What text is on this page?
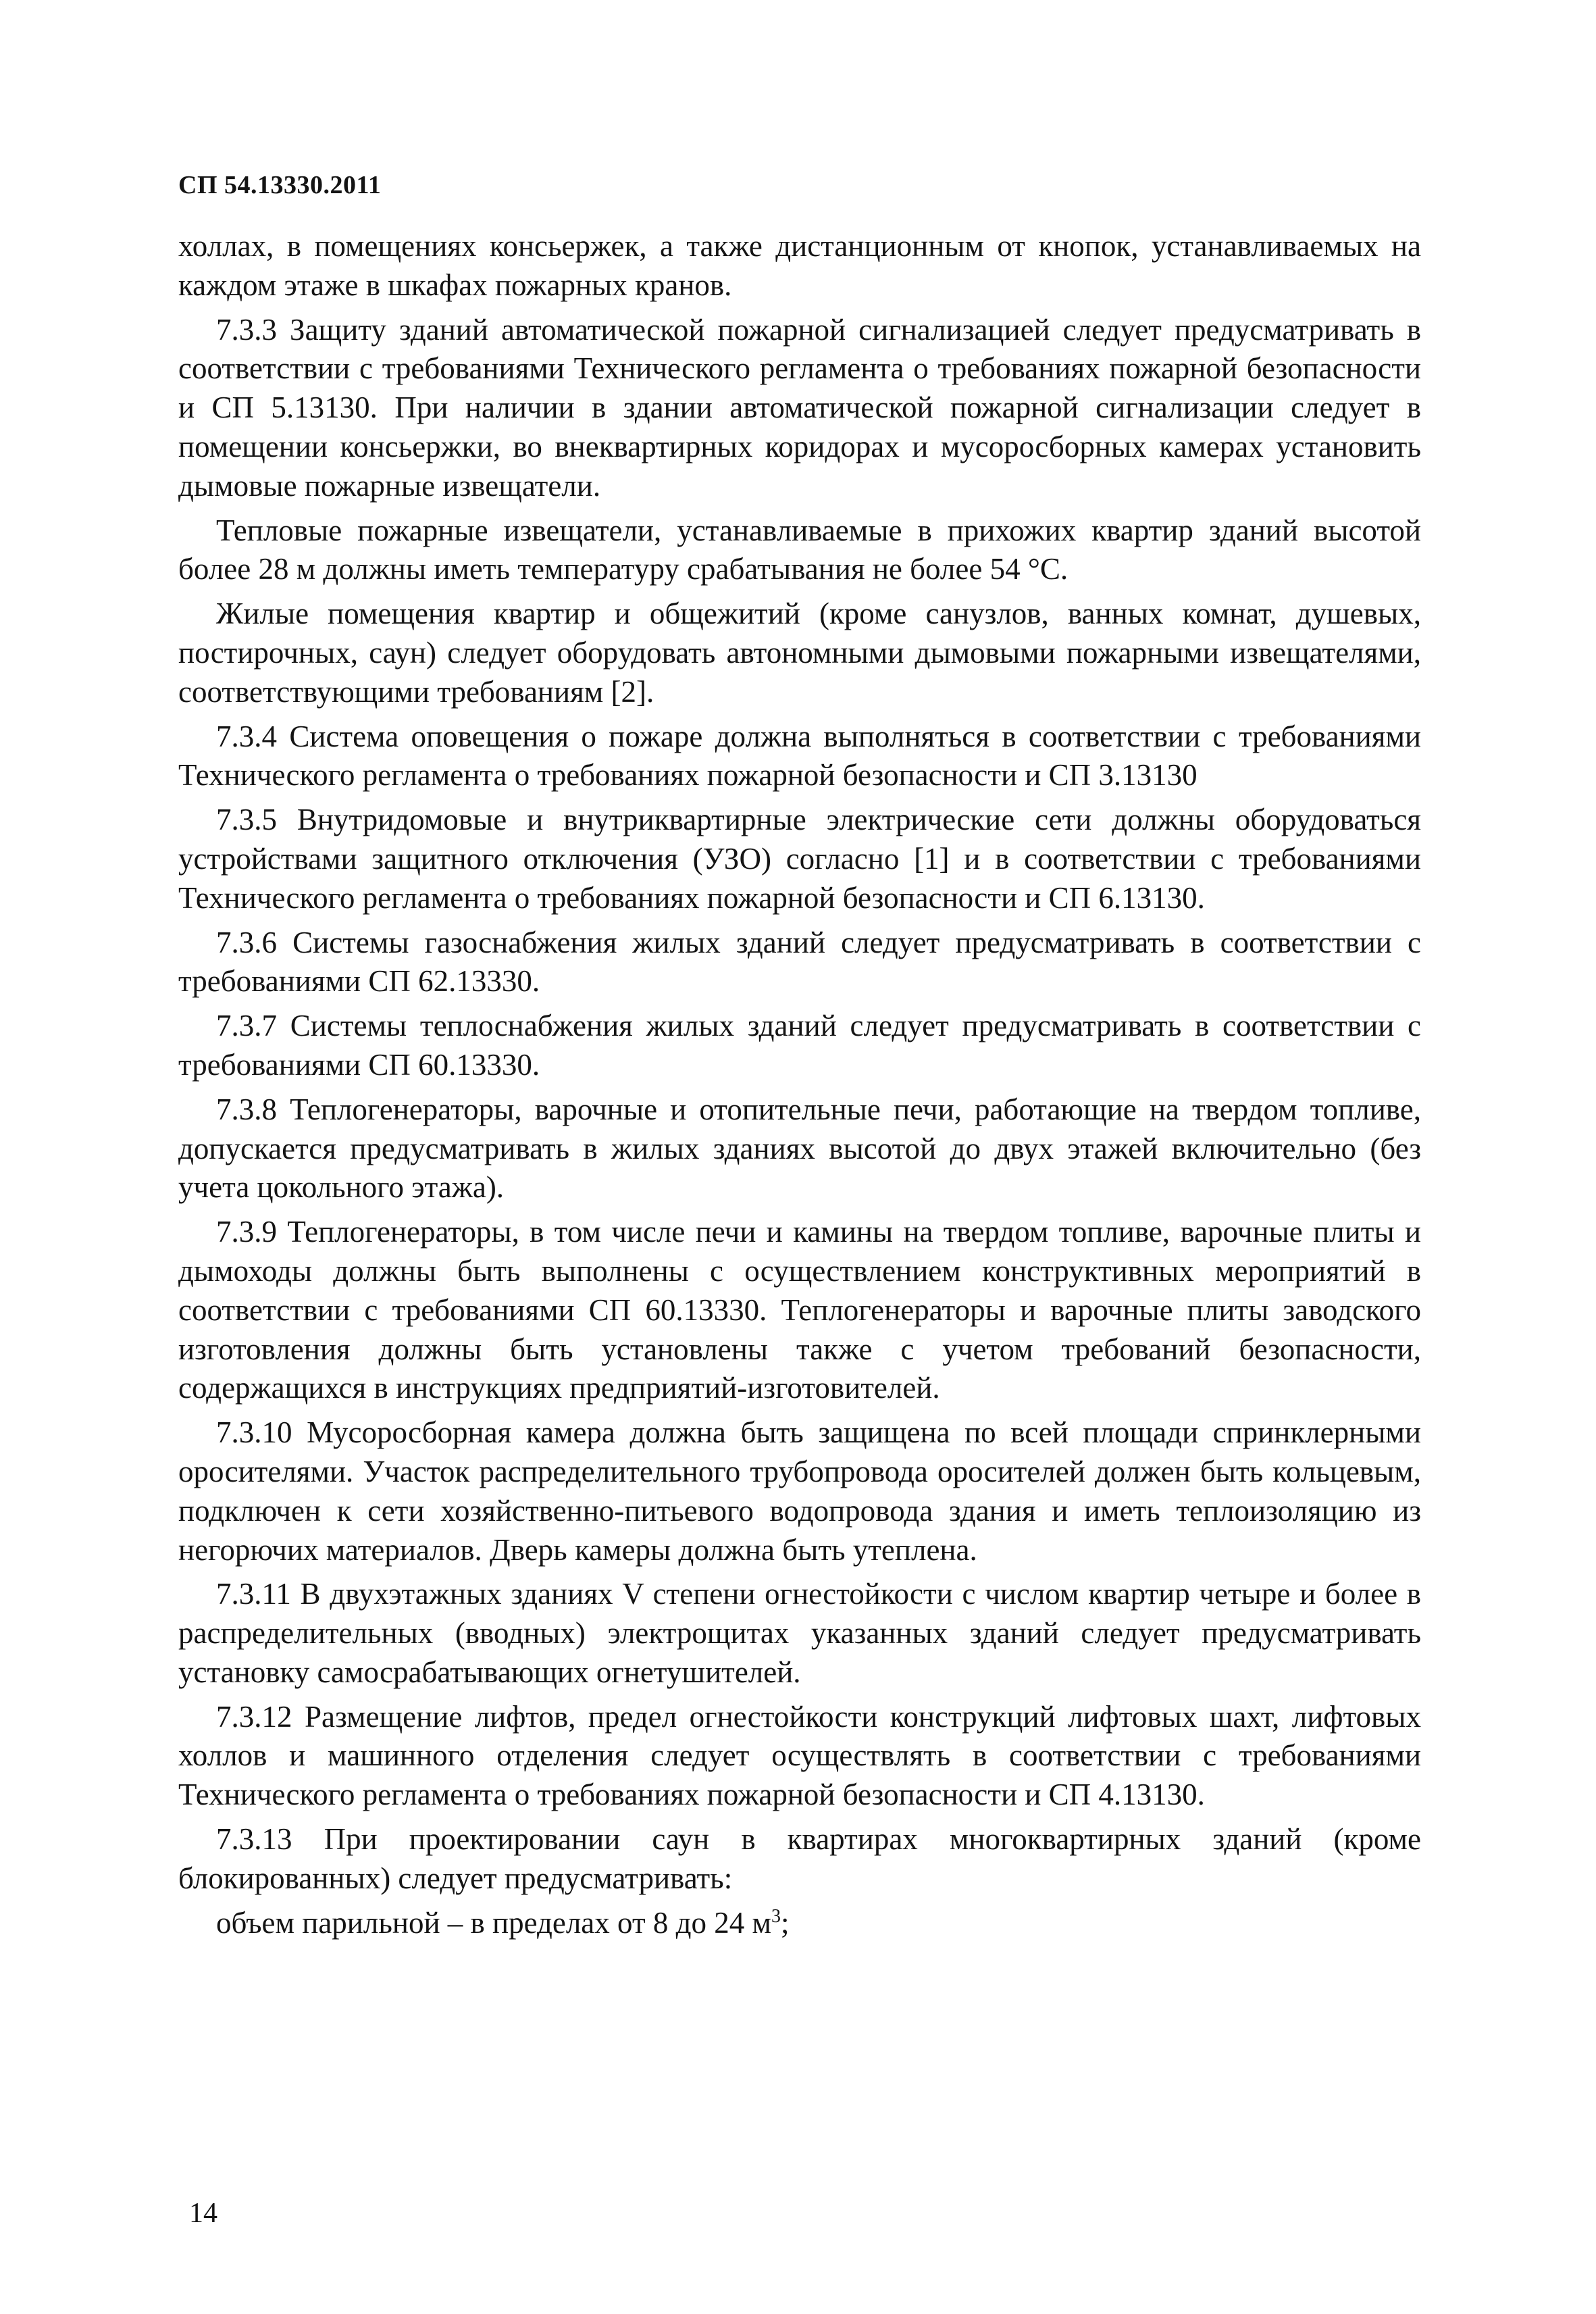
СП 54.13330.2011

холлах, в помещениях консьержек, а также дистанционным от кнопок, устанавливаемых на каждом этаже в шкафах пожарных кранов.

7.3.3 Защиту зданий автоматической пожарной сигнализацией следует предусматривать в соответствии с требованиями Технического регламента о требованиях пожарной безопасности и СП 5.13130. При наличии в здании автоматической пожарной сигнализации следует в помещении консьержки, во внеквартирных коридорах и мусоросборных камерах установить дымовые пожарные извещатели.

Тепловые пожарные извещатели, устанавливаемые в прихожих квартир зданий высотой более 28 м должны иметь температуру срабатывания не более 54 °С.

Жилые помещения квартир и общежитий (кроме санузлов, ванных комнат, душевых, постирочных, саун) следует оборудовать автономными дымовыми пожарными извещателями, соответствующими требованиям [2].

7.3.4 Система оповещения о пожаре должна выполняться в соответствии с требованиями Технического регламента о требованиях пожарной безопасности и СП 3.13130

7.3.5 Внутридомовые и внутриквартирные электрические сети должны оборудоваться устройствами защитного отключения (УЗО) согласно [1] и в соответствии с требованиями Технического регламента о требованиях пожарной безопасности и СП 6.13130.

7.3.6 Системы газоснабжения жилых зданий следует предусматривать в соответствии с требованиями СП 62.13330.

7.3.7 Системы теплоснабжения жилых зданий следует предусматривать в соответствии с требованиями СП 60.13330.

7.3.8 Теплогенераторы, варочные и отопительные печи, работающие на твердом топливе, допускается предусматривать в жилых зданиях высотой до двух этажей включительно (без учета цокольного этажа).

7.3.9 Теплогенераторы, в том числе печи и камины на твердом топливе, варочные плиты и дымоходы должны быть выполнены с осуществлением конструктивных мероприятий в соответствии с требованиями СП 60.13330. Теплогенераторы и варочные плиты заводского изготовления должны быть установлены также с учетом требований безопасности, содержащихся в инструкциях предприятий-изготовителей.

7.3.10 Мусоросборная камера должна быть защищена по всей площади спринклерными оросителями. Участок распределительного трубопровода оросителей должен быть кольцевым, подключен к сети хозяйственно-питьевого водопровода здания и иметь теплоизоляцию из негорючих материалов. Дверь камеры должна быть утеплена.

7.3.11 В двухэтажных зданиях V степени огнестойкости с числом квартир четыре и более в распределительных (вводных) электрощитах указанных зданий следует предусматривать установку самосрабатывающих огнетушителей.

7.3.12 Размещение лифтов, предел огнестойкости конструкций лифтовых шахт, лифтовых холлов и машинного отделения следует осуществлять в соответствии с требованиями Технического регламента о требованиях пожарной безопасности и СП 4.13130.

7.3.13 При проектировании саун в квартирах многоквартирных зданий (кроме блокированных) следует предусматривать:

объем парильной – в пределах от 8 до 24 $м^3$;

14
